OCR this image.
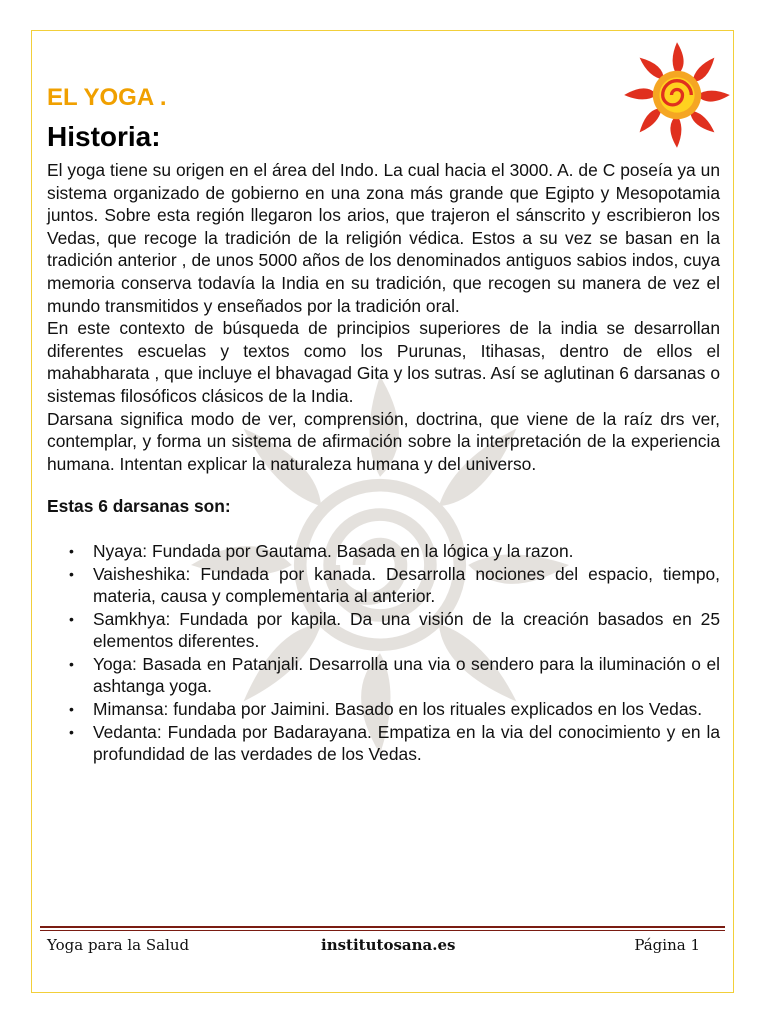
EL YOGA .
Historia:

El yoga tiene su origen en el área del Indo. La cual hacia el 3000. A. de C poseía ya un sistema organizado de gobierno en una zona más grande que Egipto y Mesopotamia juntos. Sobre esta región llegaron los arios, que trajeron el sánscrito y escribieron los Vedas, que recoge la tradición de la religión védica. Estos a su vez se basan en la tradición anterior , de unos 5000 años de los denominados antiguos sabios indos, cuya memoria conserva todavía la India en su tradición, que recogen su manera de vez el mundo transmitidos y enseñados por la tradición oral.

En este contexto de búsqueda de principios superiores de la india se desarrollan diferentes escuelas y textos como los Purunas, Itihasas, dentro de ellos el mahabharata , que incluye el bhavagad Gita y los sutras. Así se aglutinan 6 darsanas o sistemas filosóficos clásicos de la India.

Darsana significa modo de ver, comprensión, doctrina, que viene de la raíz drs ver, contemplar, y forma un sistema de afirmación sobre la interpretación de la experiencia humana. Intentan explicar la naturaleza humana y del universo.

Estas 6 darsanas son:

• Nyaya: Fundada por Gautama. Basada en la lógica y la razon.
• Vaisheshika: Fundada por kanada. Desarrolla nociones del espacio, tiempo, materia, causa y complementaria al anterior.
• Samkhya: Fundada por kapila. Da una visión de la creación basados en 25 elementos diferentes.
• Yoga: Basada en Patanjali. Desarrolla una via o sendero para la iluminación o el ashtanga yoga.
• Mimansa: fundaba por Jaimini. Basado en los rituales explicados en los Vedas.
• Vedanta: Fundada por Badarayana. Empatiza en la via del conocimiento y en la profundidad de las verdades de los Vedas.
Yoga para la Salud	institutosana.es	Página 1
